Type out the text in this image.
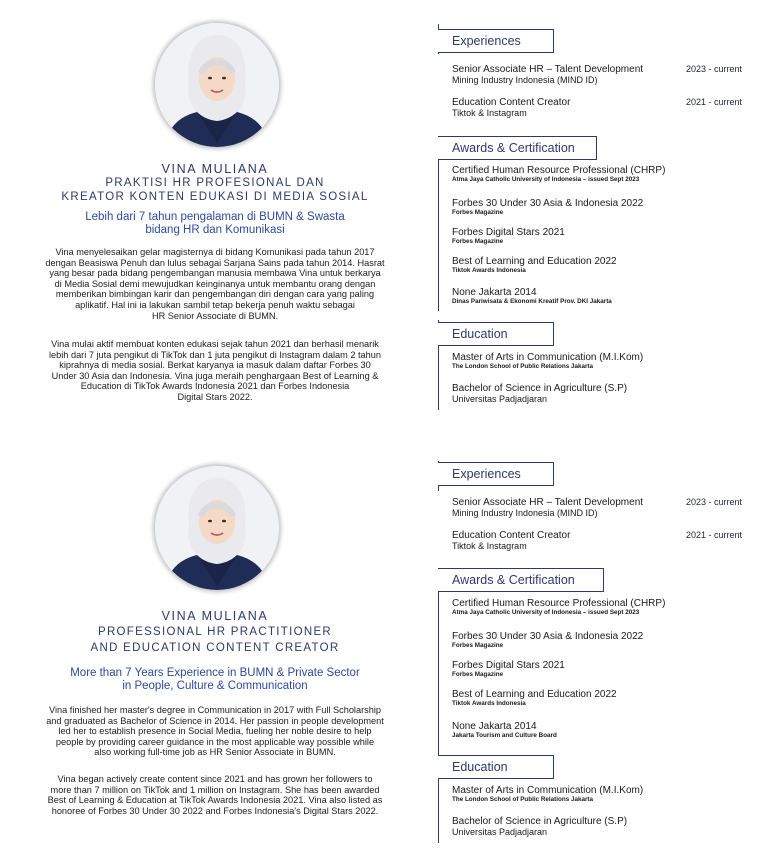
VINA MULIANA
PRAKTISI HR PROFESIONAL DAN
KREATOR KONTEN EDUKASI DI MEDIA SOSIAL
Lebih dari 7 tahun pengalaman di BUMN & Swasta
bidang HR dan Komunikasi
Vina menyelesaikan gelar magisternya di bidang Komunikasi pada tahun 2017
dengan Beasiswa Penuh dan lulus sebagai Sarjana Sains pada tahun 2014. Hasrat
yang besar pada bidang pengembangan manusia membawa Vina untuk berkarya
di Media Sosial demi mewujudkan keinginanya untuk membantu orang dengan
memberikan bimbingan karir dan pengembangan diri dengan cara yang paling
aplikatif. Hal ini ia lakukan sambil tetap bekerja penuh waktu sebagai
HR Senior Associate di BUMN.
Vina mulai aktif membuat konten edukasi sejak tahun 2021 dan berhasil menarik
lebih dari 7 juta pengikut di TikTok dan 1 juta pengikut di Instagram dalam 2 tahun
kiprahnya di media sosial. Berkat karyanya ia masuk dalam daftar Forbes 30
Under 30 Asia dan Indonesia. Vina juga meraih penghargaan Best of Learning &
Education di TikTok Awards Indonesia 2021 dan Forbes Indonesia
Digital Stars 2022.
Experiences
Senior Associate HR – Talent Development
Mining Industry Indonesia (MIND ID)
2023 - current
Education Content Creator
Tiktok & Instagram
2021 - current
Awards & Certification
Certified Human Resource Professional (CHRP)
Atma Jaya Catholic University of Indonesia – issued Sept 2023
Forbes 30 Under 30 Asia & Indonesia 2022
Forbes Magazine
Forbes Digital Stars 2021
Forbes Magazine
Best of Learning and Education 2022
Tiktok Awards Indonesia
None Jakarta 2014
Dinas Pariwisata & Ekonomi Kreatif Prov. DKI Jakarta
Education
Master of Arts in Communication (M.I.Kom)
The London School of Public Relations Jakarta
Bachelor of Science in Agriculture (S.P)
Universitas Padjadjaran
VINA MULIANA
PROFESSIONAL HR PRACTITIONER
AND EDUCATION CONTENT CREATOR
More than 7 Years Experience in BUMN & Private Sector
in People, Culture & Communication
Vina finished her master's degree in Communication in 2017 with Full Scholarship
and graduated as Bachelor of Science in 2014. Her passion in people development
led her to establish presence in Social Media, fueling her noble desire to help
people by providing career guidance in the most applicable way possible while
also working full-time job as HR Senior Associate in BUMN.
Vina began actively create content since 2021 and has grown her followers to
more than 7 million on TikTok and 1 million on Instagram. She has been awarded
Best of Learning & Education at TikTok Awards Indonesia 2021. Vina also listed as
honoree of Forbes 30 Under 30 2022 and Forbes Indonesia's Digital Stars 2022.
Experiences
Senior Associate HR – Talent Development
Mining Industry Indonesia (MIND ID)
2023 - current
Education Content Creator
Tiktok & Instagram
2021 - current
Awards & Certification
Certified Human Resource Professional (CHRP)
Atma Jaya Catholic University of Indonesia – issued Sept 2023
Forbes 30 Under 30 Asia & Indonesia 2022
Forbes Magazine
Forbes Digital Stars 2021
Forbes Magazine
Best of Learning and Education 2022
Tiktok Awards Indonesia
None Jakarta 2014
Jakarta Tourism and Culture Board
Education
Master of Arts in Communication (M.I.Kom)
The London School of Public Relations Jakarta
Bachelor of Science in Agriculture (S.P)
Universitas Padjadjaran
